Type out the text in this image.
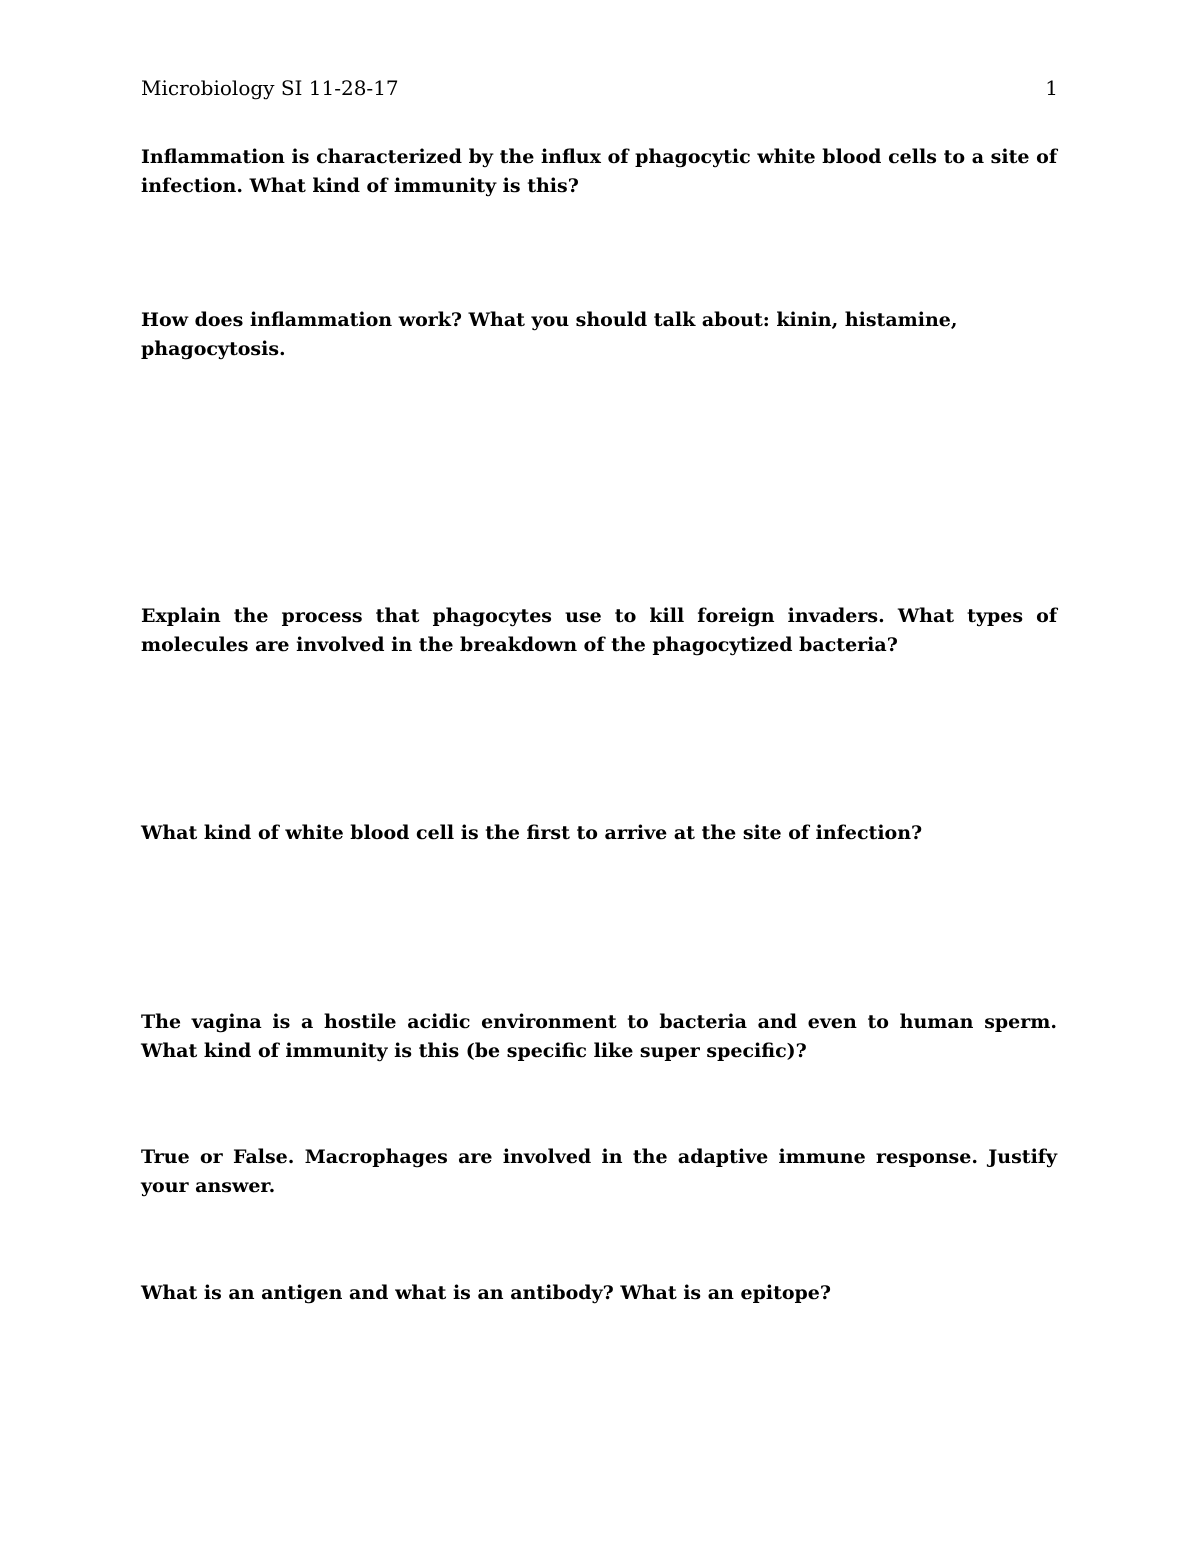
Microbiology SI 11-28-17	1

Inflammation is characterized by the influx of phagocytic white blood cells to a site of infection. What kind of immunity is this?

How does inflammation work? What you should talk about: kinin, histamine, phagocytosis.

Explain the process that phagocytes use to kill foreign invaders. What types of molecules are involved in the breakdown of the phagocytized bacteria?

What kind of white blood cell is the first to arrive at the site of infection?

The vagina is a hostile acidic environment to bacteria and even to human sperm. What kind of immunity is this (be specific like super specific)?

True or False. Macrophages are involved in the adaptive immune response. Justify your answer.

What is an antigen and what is an antibody? What is an epitope?
